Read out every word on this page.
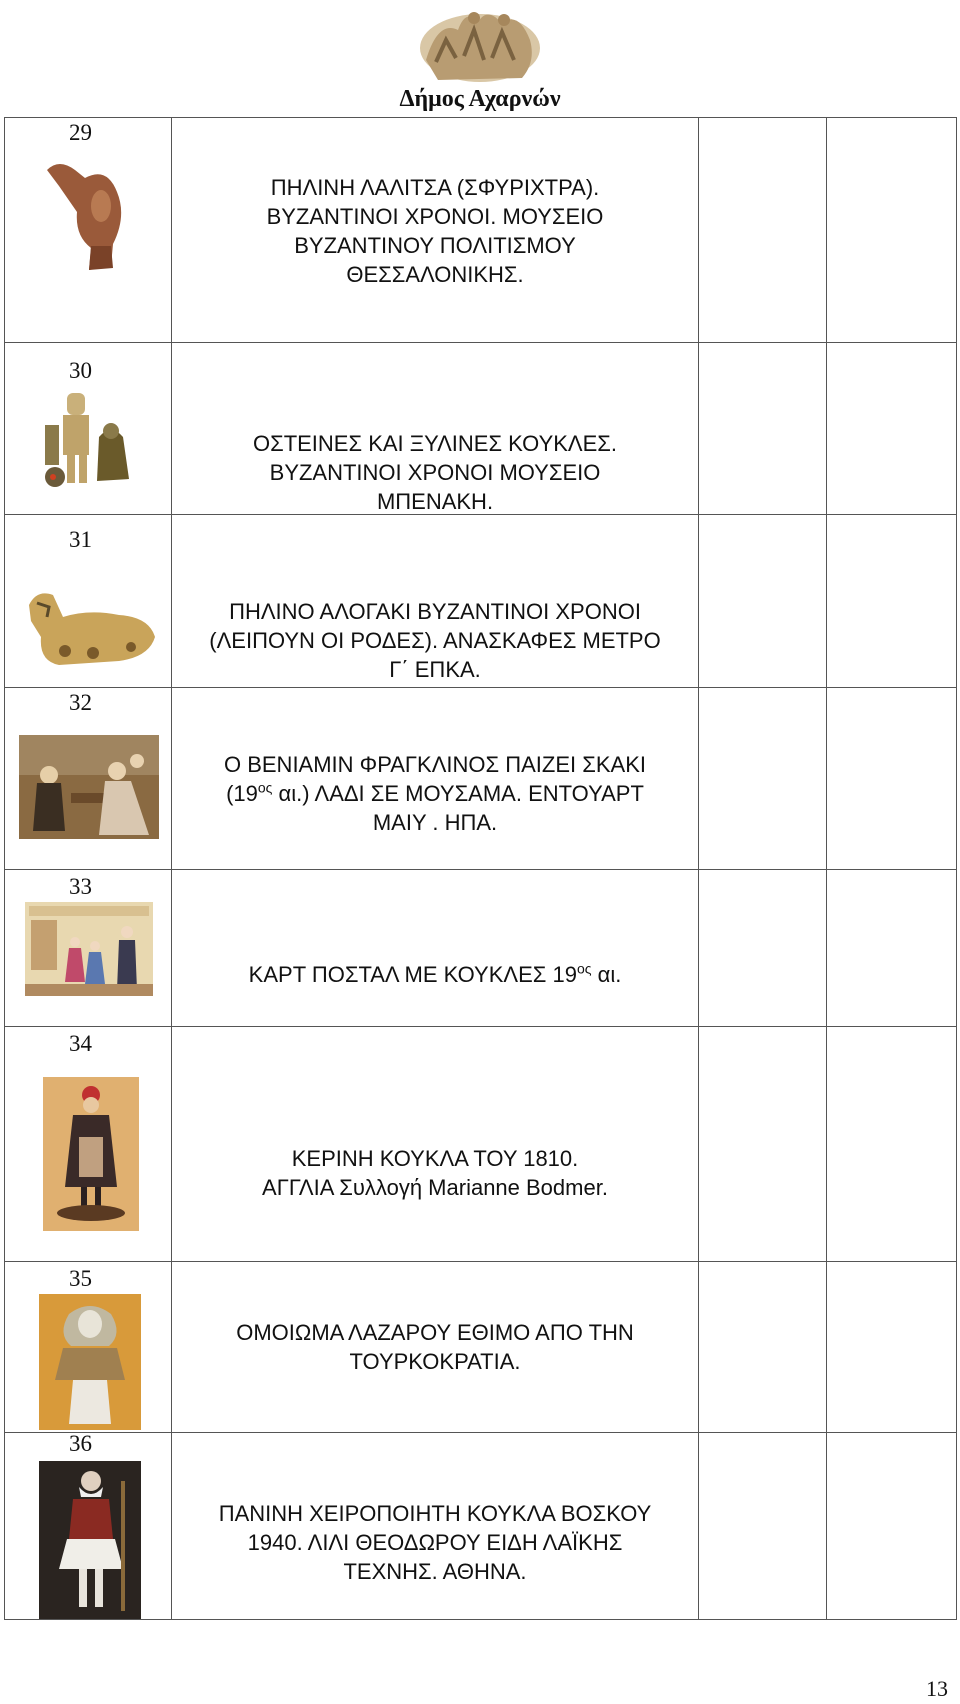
Δήμος Αχαρνών
29	ΠΗΛΙΝΗ ΛΑΛΙΤΣΑ (ΣΦΥΡΙΧΤΡΑ).
ΒΥΖΑΝΤΙΝΟΙ ΧΡΟΝΟΙ. ΜΟΥΣΕΙΟ
ΒΥΖΑΝΤΙΝΟΥ ΠΟΛΙΤΙΣΜΟΥ
ΘΕΣΣΑΛΟΝΙΚΗΣ.		

30	ΟΣΤΕΙΝΕΣ ΚΑΙ ΞΥΛΙΝΕΣ ΚΟΥΚΛΕΣ.
ΒΥΖΑΝΤΙΝΟΙ ΧΡΟΝΟΙ ΜΟΥΣΕΙΟ
ΜΠΕΝΑΚΗ.		

31	ΠΗΛΙΝΟ ΑΛΟΓΑΚΙ ΒΥΖΑΝΤΙΝΟΙ ΧΡΟΝΟΙ
(ΛΕΙΠΟΥΝ ΟΙ ΡΟΔΕΣ). ΑΝΑΣΚΑΦΕΣ ΜΕΤΡΟ
Γ΄ ΕΠΚΑ.		

32	Ο ΒΕΝΙΑΜΙΝ ΦΡΑΓΚΛΙΝΟΣ ΠΑΙΖΕΙ ΣΚΑΚΙ
($19^{o\varsigma}$ αι.) ΛΑΔΙ ΣΕ ΜΟΥΣΑΜΑ. ΕΝΤΟΥΑΡΤ
ΜΑΙΥ . ΗΠΑ.		

33	ΚΑΡΤ ΠΟΣΤΑΛ ΜΕ ΚΟΥΚΛΕΣ $19^{o\varsigma}$ αι.		

34	ΚΕΡΙΝΗ ΚΟΥΚΛΑ ΤΟΥ 1810.
ΑΓΓΛΙΑ Συλλογή Marianne Bodmer.		

35	ΟΜΟΙΩΜΑ ΛΑΖΑΡΟΥ ΕΘΙΜΟ ΑΠΟ ΤΗΝ
ΤΟΥΡΚΟΚΡΑΤΙΑ.		

36	ΠΑΝΙΝΗ ΧΕΙΡΟΠΟΙΗΤΗ ΚΟΥΚΛΑ ΒΟΣΚΟΥ
1940. ΛΙΛΙ ΘΕΟΔΩΡΟΥ ΕΙΔΗ ΛΑΪΚΗΣ
ΤΕΧΝΗΣ. ΑΘΗΝΑ.		

13
